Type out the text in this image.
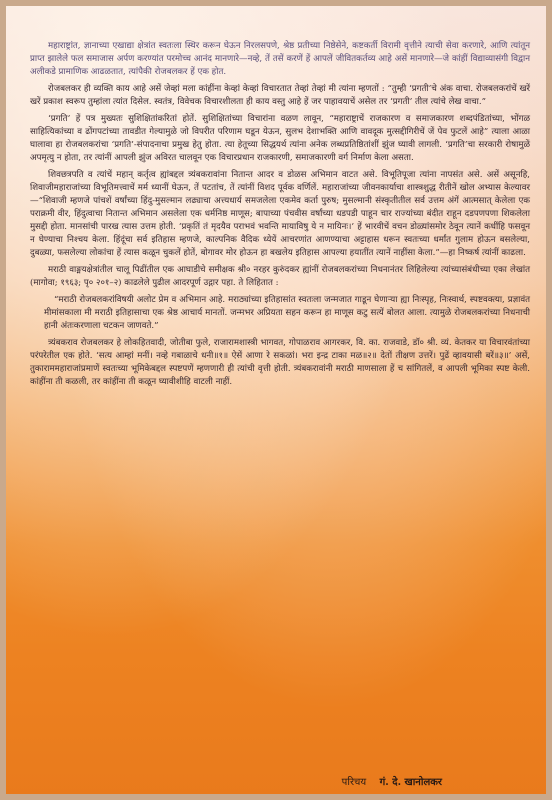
महाराष्ट्रांत, ज्ञानाच्या एखाद्या क्षेत्रांत स्वतःला स्थिर करून घेऊन निरलसपणे, श्रेष्ठ प्रतीच्या निष्ठेसेने, कष्टकर्ती विरामी वृत्तीने त्याची सेवा करणारे, आणि त्यांतून प्राप्त झालेले फल समाजास अर्पण करण्यांत परमोच्च आनंद मानणारे—नव्हे, तें तसें करणें हें आपलें जीवितकर्तव्य आहे असें मानणारे—जे कांहीं विद्याव्यासंगी विद्वान अलीकडे प्रामाणिक आढळतात, त्यांपैकी रोजबलकर हें एक होत.

रोजबलकर ही व्यक्ति काय आहे असें जेव्हां मला कांहींना केव्हां केव्हां विचारतात तेव्हां तेव्हां मी त्यांना म्हणतों : “तुम्ही ‘प्रगती’चे अंक वाचा. रोजबलकरांचें खरें खरें प्रकाश स्वरूप तुम्हांला त्यांत दिसेल. स्वतंत्र, विवेचक विचारशीलता ही काय वस्तु आहे हें जर पाहावयाचें असेल तर ‘प्रगती’ तील त्यांचे लेख वाचा.”

‘प्रगति’ हें पत्र मुख्यतः सुशिक्षितांकरितां होतें. सुशिक्षितांच्या विचारांना वळण लावून, “महाराष्ट्राचें राजकारण व समाजकारण शब्दपंडितांच्या, भोंगळ साहित्यिकांच्या व ढोंगपटांच्या तावडीत गेल्यामुळे जो विपरीत परिणाम घडून येऊन, सुलभ देशाभक्ति आणि वावदूक मुत्सद्दीगिरीचें जें पेव फुटलें आहे” त्याला आळा घालावा हा रोजबलकरांचा ‘प्रगति’-संपादनाचा प्रमुख हेतु होता. त्या हेतूच्या सिद्धयर्थ त्यांना अनेक लब्धप्रतिष्ठितांशीं झुंज घ्यावी लागली. ‘प्रगति’चा सरकारी रोषामुळें अपमृत्यु न होता, तर त्यांनीं आपली झुंज अविरत चालवून एक विचारप्रधान राजकारणी, समाजकारणी वर्ग निर्माण केला असता.

शिवछत्रपति व त्यांचें महान् कर्तृत्व ह्यांबद्दल त्र्यंबकरावांना नितान्त आदर व डोळस अभिमान वाटत असे. विभूतिपूजा त्यांना नापसंत असे. असें असूनहि, शिवाजीमहाराजांच्या विभूतिमत्त्वाचें मर्म ध्यानीं घेऊन, तें पटतांच, तें त्यांनीं विशद पूर्वक वर्णिलें. महाराजांच्या जीवनकार्याचा शास्त्रशुद्ध रीतीनें खोल अभ्यास केल्यावर—“शिवाजी म्हणजे पांचशें वर्षांच्या हिंदु-मुसल्मान लढ्याचा अत्त्यधार्य समजलेला एकमेव कर्ता पुरुष; मुसल्मानी संस्कृतीतील सर्व उत्तम अंगें आत्मसात् केलेला एक पराक्रमी वीर, हिंदुत्वाचा नितान्त अभिमान असलेला एक धर्मनिष्ठ माणूस; बापाच्या पंचवीस वर्षांच्या धडपडी पाहून चार राज्यांच्या बंदीत राहून दडपणपणा शिकलेला मुसद्दी होता. मानसांची पारख त्यास उत्तम होती. ‘प्रकृतिं तं मृदयैव पराभवं भवन्ति मायाविषु ये न मायिनः।’ हें भारवीचें वचन डोळ्यांसमोर ठेवून त्यानें कधींहि फसवून न घेण्याचा निश्चय केला. हिंदूंचा सर्व इतिहास म्हणजे, काल्पनिक वैदिक ध्येयें आचरणांत आणण्याचा अट्टाहास धरून स्वतःच्या धर्मांत गुलाम होऊन बसलेल्या, दुबळ्या, फसलेल्या लोकांचा हें त्यास कळून चुकलें होतें, बोगावर मोर होऊन हा बखलेय इतिहास आपल्या हयातींत त्यानें नाहींसा केला.”—हा निष्कर्ष त्यांनीं काढला.

मराठी वाङ्मयक्षेत्रांतील चालू पिढींतील एक आघाडीचे समीक्षक श्री० नरहर कुरुंदकर ह्यांनीं रोजबलकरांच्या निधनानंतर लिहिलेल्या त्यांच्यासंबंधीच्या एका लेखांत (मागोवा; १९६३; पृ० २०१–२) काढलेले पुढील आदरपूर्ण उद्गार पहा. ते लिहितात :

“मराठी रोजबलकरांविषयी अलोट प्रेम व अभिमान आहे. मराठ्यांच्या इतिहासांत स्वतःला जन्मजात गाडून घेणाऱ्या ह्या निःस्पृह, निःस्वार्थ, स्पष्टवक्त्या, प्रज्ञावंत मीमांसकाला मी मराठी इतिहासाचा एक श्रेष्ठ आचार्य मानतों. जन्मभर अप्रियता सहन करून हा माणूस कटु सत्यें बोलत आला. त्यामुळे रोजबलकरांच्या निधनाची हानी अंतःकरणाला चटकन जाणवते.”

त्र्यंबकराव रोजबलकर हे लोकहितवादी, जोतीबा फुले, राजारामशास्त्री भागवत, गोपाळराव आगरकर, वि. का. राजवाडे, डॉ० श्री. व्यं. केतकर या विचारवंतांच्या परंपरेतील एक होते. ‘सत्य आम्हां मनीं। नव्हे गबाळाचे धनी॥१॥ ऐसें आणा रे सकळां। भरा इन्द्र टाका मळ॥२॥ देतों तीक्षण उत्तरें। पुढें व्हावयासी बरें॥३॥’ असें, तुकाराममहाराजांप्रमाणें स्वतःच्या भूमिकेबद्दल स्पष्टपणें म्हणणारी ही त्यांची वृत्ती होती. त्र्यंबकरावांनी मराठी माणसाला हें च सांगितलें, व आपली भूमिका स्पष्ट केली. कांहींना ती कळली, तर कांहींना ती कळून घ्यावीशीहि वाटली नाहीं.

परिचय गं. दे. खानोलकर
